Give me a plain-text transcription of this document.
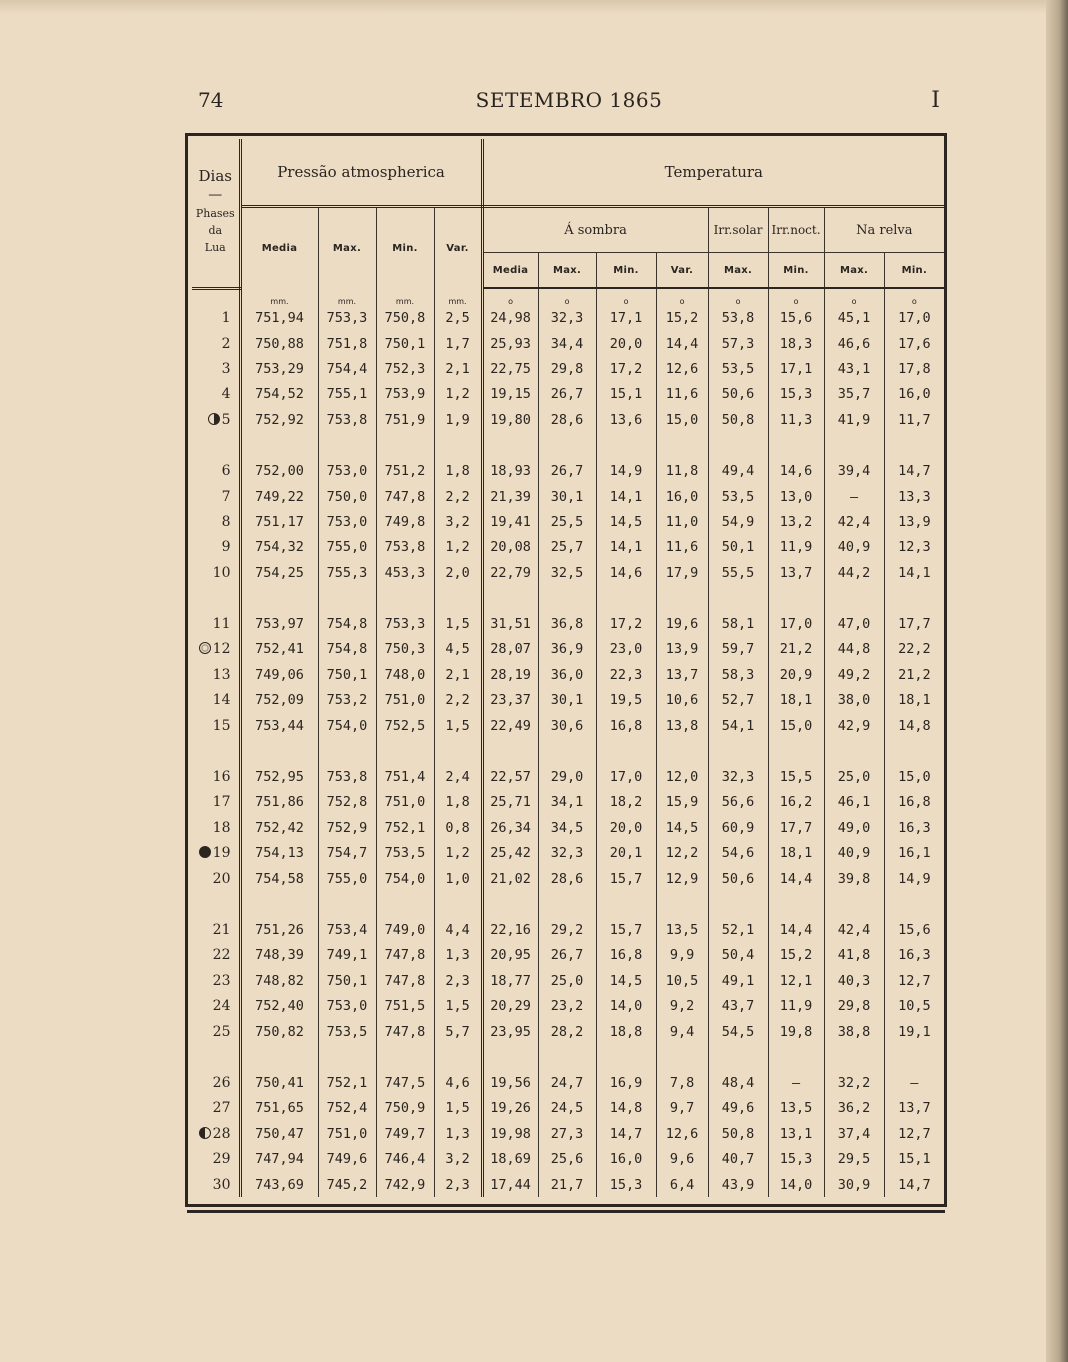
74	SETEMBRO 1865	I
Dias
—
Phases
da
Lua	Pressão atmospherica				Temperatura							
	Media	Max.	Min.	Var.	Á sombra				Irr.solar	Irr.noct.	Na relva	
					Media	Max.	Min.	Var.	Max.	Min.	Max.	Min.
	mm.	mm.	mm.	mm.	o	o	o	o	o	o	o	o
1	751,94	753,3	750,8	2,5	24,98	32,3	17,1	15,2	53,8	15,6	45,1	17,0
2	750,88	751,8	750,1	1,7	25,93	34,4	20,0	14,4	57,3	18,3	46,6	17,6
3	753,29	754,4	752,3	2,1	22,75	29,8	17,2	12,6	53,5	17,1	43,1	17,8
4	754,52	755,1	753,9	1,2	19,15	26,7	15,1	11,6	50,6	15,3	35,7	16,0
5	752,92	753,8	751,9	1,9	19,80	28,6	13,6	15,0	50,8	11,3	41,9	11,7

6	752,00	753,0	751,2	1,8	18,93	26,7	14,9	11,8	49,4	14,6	39,4	14,7
7	749,22	750,0	747,8	2,2	21,39	30,1	14,1	16,0	53,5	13,0	—	13,3
8	751,17	753,0	749,8	3,2	19,41	25,5	14,5	11,0	54,9	13,2	42,4	13,9
9	754,32	755,0	753,8	1,2	20,08	25,7	14,1	11,6	50,1	11,9	40,9	12,3
10	754,25	755,3	453,3	2,0	22,79	32,5	14,6	17,9	55,5	13,7	44,2	14,1

11	753,97	754,8	753,3	1,5	31,51	36,8	17,2	19,6	58,1	17,0	47,0	17,7
12	752,41	754,8	750,3	4,5	28,07	36,9	23,0	13,9	59,7	21,2	44,8	22,2
13	749,06	750,1	748,0	2,1	28,19	36,0	22,3	13,7	58,3	20,9	49,2	21,2
14	752,09	753,2	751,0	2,2	23,37	30,1	19,5	10,6	52,7	18,1	38,0	18,1
15	753,44	754,0	752,5	1,5	22,49	30,6	16,8	13,8	54,1	15,0	42,9	14,8

16	752,95	753,8	751,4	2,4	22,57	29,0	17,0	12,0	32,3	15,5	25,0	15,0
17	751,86	752,8	751,0	1,8	25,71	34,1	18,2	15,9	56,6	16,2	46,1	16,8
18	752,42	752,9	752,1	0,8	26,34	34,5	20,0	14,5	60,9	17,7	49,0	16,3
19	754,13	754,7	753,5	1,2	25,42	32,3	20,1	12,2	54,6	18,1	40,9	16,1
20	754,58	755,0	754,0	1,0	21,02	28,6	15,7	12,9	50,6	14,4	39,8	14,9

21	751,26	753,4	749,0	4,4	22,16	29,2	15,7	13,5	52,1	14,4	42,4	15,6
22	748,39	749,1	747,8	1,3	20,95	26,7	16,8	9,9	50,4	15,2	41,8	16,3
23	748,82	750,1	747,8	2,3	18,77	25,0	14,5	10,5	49,1	12,1	40,3	12,7
24	752,40	753,0	751,5	1,5	20,29	23,2	14,0	9,2	43,7	11,9	29,8	10,5
25	750,82	753,5	747,8	5,7	23,95	28,2	18,8	9,4	54,5	19,8	38,8	19,1

26	750,41	752,1	747,5	4,6	19,56	24,7	16,9	7,8	48,4	—	32,2	—
27	751,65	752,4	750,9	1,5	19,26	24,5	14,8	9,7	49,6	13,5	36,2	13,7
28	750,47	751,0	749,7	1,3	19,98	27,3	14,7	12,6	50,8	13,1	37,4	12,7
29	747,94	749,6	746,4	3,2	18,69	25,6	16,0	9,6	40,7	15,3	29,5	15,1
30	743,69	745,2	742,9	2,3	17,44	21,7	15,3	6,4	43,9	14,0	30,9	14,7
